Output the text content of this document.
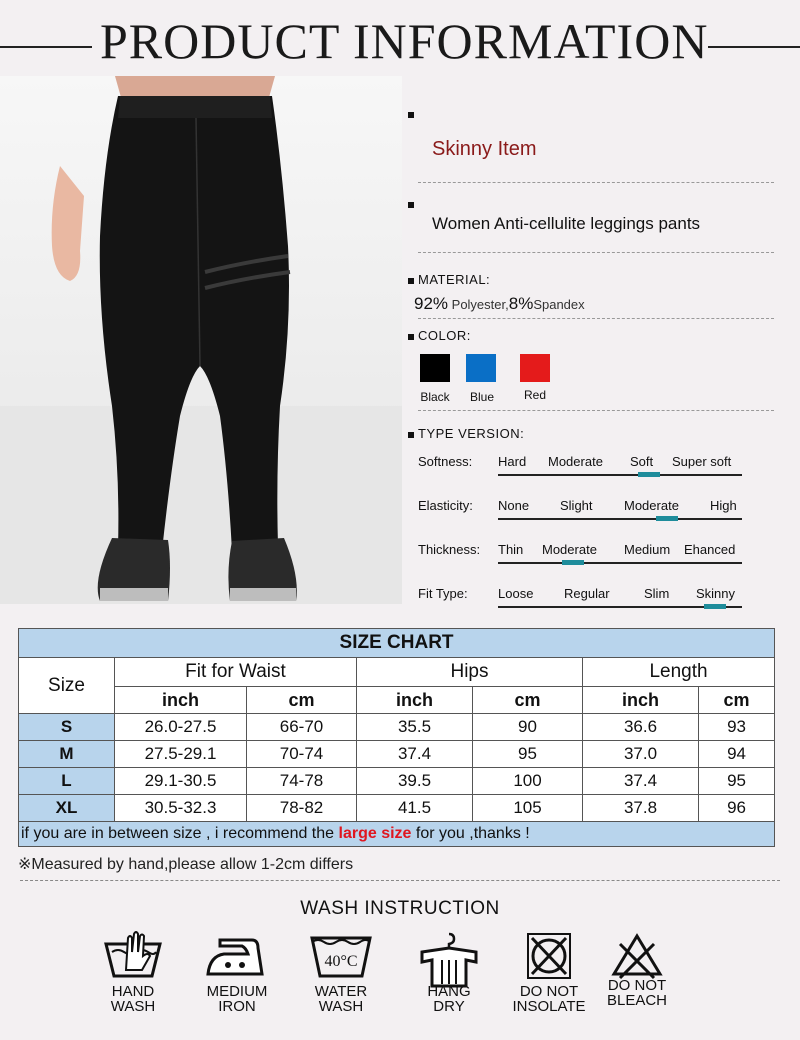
PRODUCT INFORMATION
Skinny Item
Women Anti-cellulite leggings pants
MATERIAL:
92% Polyester,8%Spandex
COLOR:
Black	Blue	Red
TYPE VERSION:
Softness: Hard Moderate Soft Super soft
Elasticity: None Slight Moderate High
Thickness: Thin Moderate Medium Ehanced
Fit Type: Loose Regular	Slim Skinny
SIZE CHART						
Size	Fit for Waist		Hips		Length	
	inch	cm	inch	cm	inch	cm
S	26.0-27.5	66-70	35.5	90	36.6	93
M	27.5-29.1	70-74	37.4	95	37.0	94
L	29.1-30.5	74-78	39.5	100	37.4	95
XL	30.5-32.3	78-82	41.5	105	37.8	96
if you are in between size , i recommend the large size for you ,thanks !						
※Measured by hand,please allow 1-2cm differs
WASH INSTRUCTION
HAND
WASH
MEDIUM
IRON
40°C
WATER
WASH
HANG
DRY
DO NOT
INSOLATE
DO NOT
BLEACH
